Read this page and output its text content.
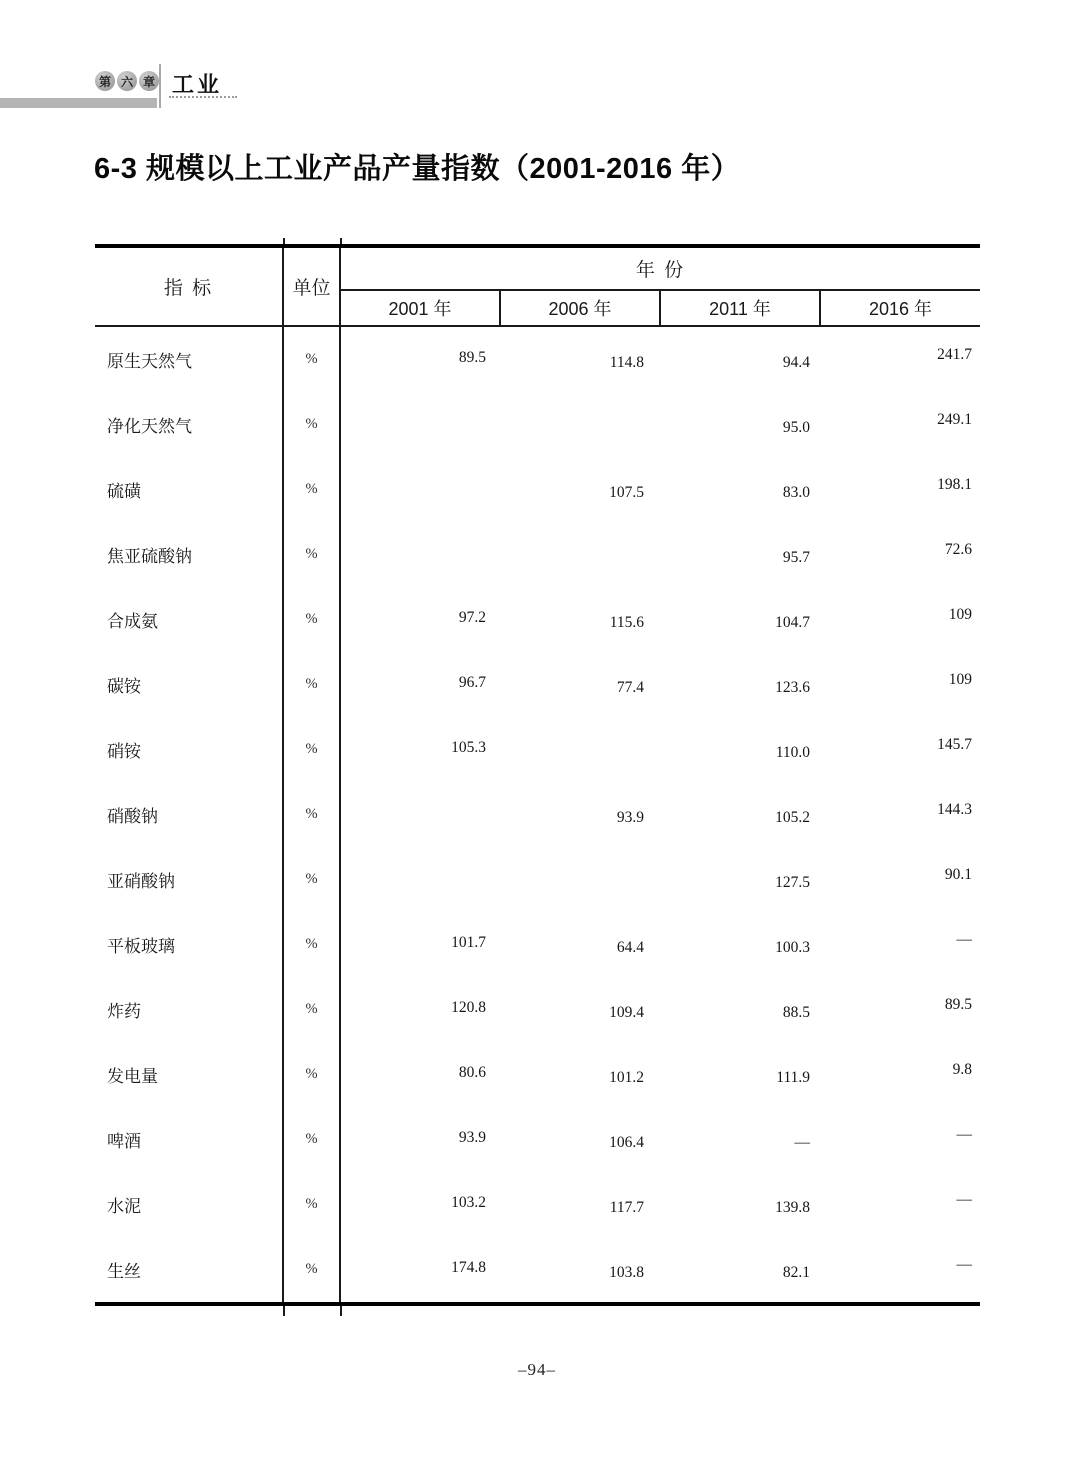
第 六 章 工业
6-3 规模以上工业产品产量指数（2001-2016 年）
指 标	单位	年 份			
		2001 年	2006 年	2011 年	2016 年
原生天然气	%	89.5	114.8	94.4	241.7
净化天然气	%			95.0	249.1
硫磺	%		107.5	83.0	198.1
焦亚硫酸钠	%			95.7	72.6
合成氨	%	97.2	115.6	104.7	109
碳铵	%	96.7	77.4	123.6	109
硝铵	%	105.3		110.0	145.7
硝酸钠	%		93.9	105.2	144.3
亚硝酸钠	%			127.5	90.1
平板玻璃	%	101.7	64.4	100.3	—
炸药	%	120.8	109.4	88.5	89.5
发电量	%	80.6	101.2	111.9	9.8
啤酒	%	93.9	106.4	—	—
水泥	%	103.2	117.7	139.8	—
生丝	%	174.8	103.8	82.1	—
–94–
